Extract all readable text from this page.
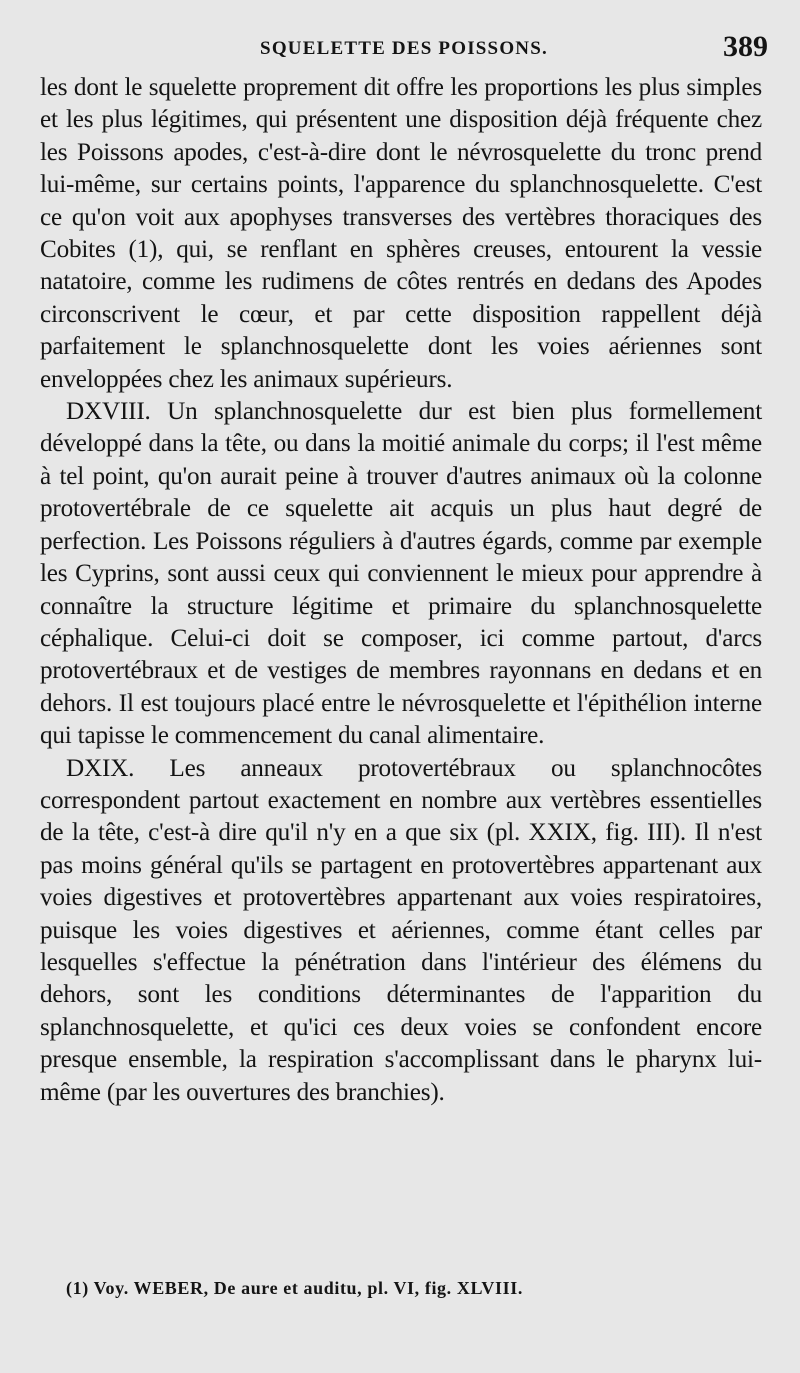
SQUELETTE DES POISSONS.	389

les dont le squelette proprement dit offre les proportions les plus simples et les plus légitimes, qui présentent une disposition déjà fréquente chez les Poissons apodes, c'est-à-dire dont le névrosquelette du tronc prend lui-même, sur certains points, l'apparence du splanchnosquelette. C'est ce qu'on voit aux apophyses transverses des vertèbres thoraciques des Cobites (1), qui, se renflant en sphères creuses, entourent la vessie natatoire, comme les rudimens de côtes rentrés en dedans des Apodes circonscrivent le cœur, et par cette disposition rappellent déjà parfaitement le splanchnosquelette dont les voies aériennes sont enveloppées chez les animaux supérieurs.

DXVIII. Un splanchnosquelette dur est bien plus formellement développé dans la tête, ou dans la moitié animale du corps; il l'est même à tel point, qu'on aurait peine à trouver d'autres animaux où la colonne protovertébrale de ce squelette ait acquis un plus haut degré de perfection. Les Poissons réguliers à d'autres égards, comme par exemple les Cyprins, sont aussi ceux qui conviennent le mieux pour apprendre à connaître la structure légitime et primaire du splanchnosquelette céphalique. Celui-ci doit se composer, ici comme partout, d'arcs protovertébraux et de vestiges de membres rayonnans en dedans et en dehors. Il est toujours placé entre le névrosquelette et l'épithélion interne qui tapisse le commencement du canal alimentaire.

DXIX. Les anneaux protovertébraux ou splanchnocôtes correspondent partout exactement en nombre aux vertèbres essentielles de la tête, c'est-à dire qu'il n'y en a que six (pl. XXIX, fig. III). Il n'est pas moins général qu'ils se partagent en protovertèbres appartenant aux voies digestives et protovertèbres appartenant aux voies respiratoires, puisque les voies digestives et aériennes, comme étant celles par lesquelles s'effectue la pénétration dans l'intérieur des élémens du dehors, sont les conditions déterminantes de l'apparition du splanchnosquelette, et qu'ici ces deux voies se confondent encore presque ensemble, la respiration s'accomplissant dans le pharynx lui-même (par les ouvertures des branchies).

(1) Voy. WEBER, De aure et auditu, pl. VI, fig. XLVIII.
